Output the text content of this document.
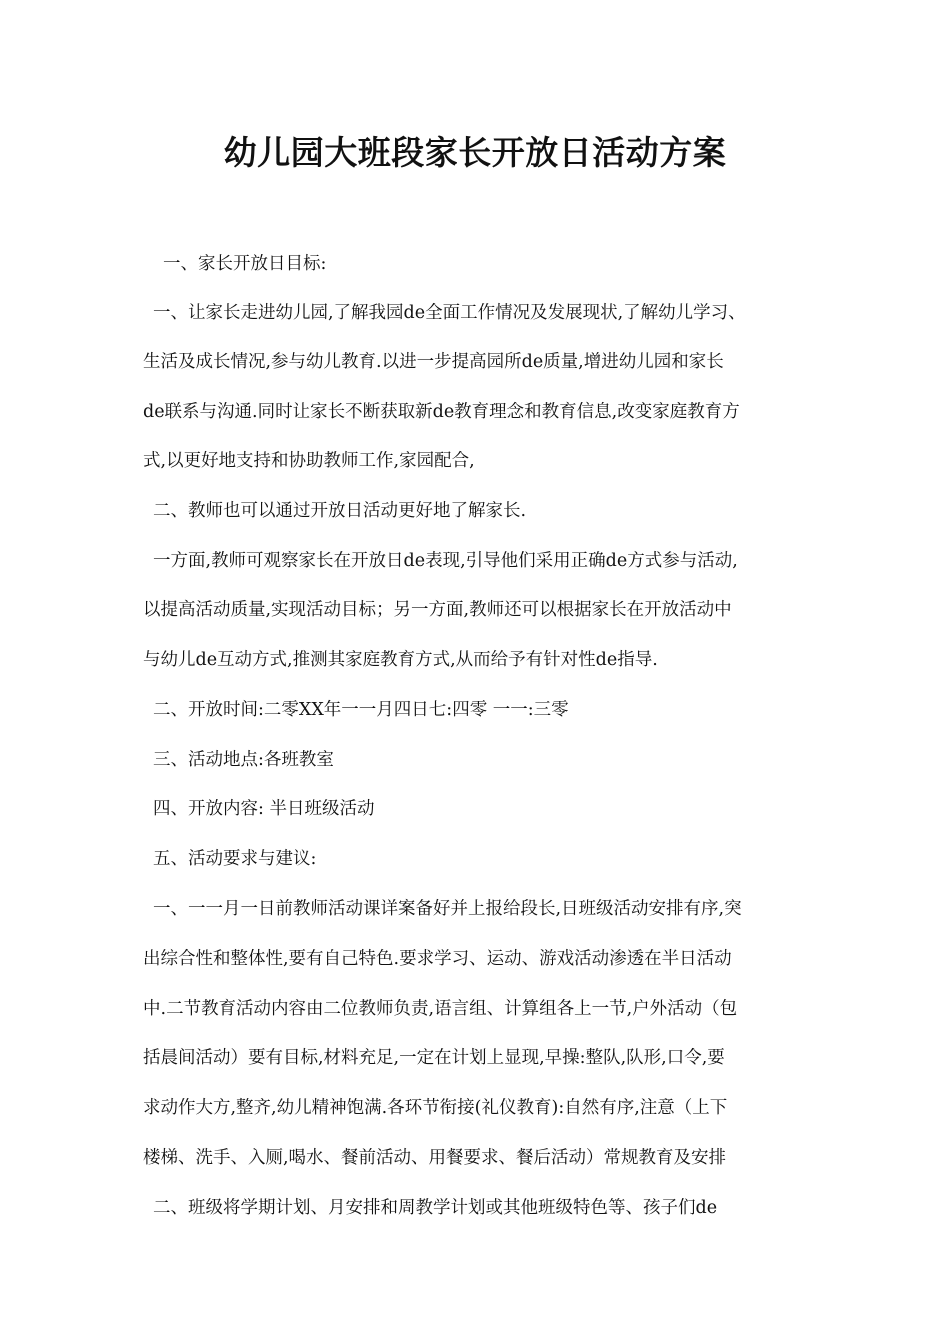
幼儿园大班段家长开放日活动方案

一、家长开放日目标:

一、让家长走进幼儿园,了解我园de全面工作情况及发展现状,了解幼儿学习、

生活及成长情况,参与幼儿教育.以进一步提高园所de质量,增进幼儿园和家长

de联系与沟通.同时让家长不断获取新de教育理念和教育信息,改变家庭教育方

式,以更好地支持和协助教师工作,家园配合,

二、教师也可以通过开放日活动更好地了解家长.

一方面,教师可观察家长在开放日de表现,引导他们采用正确de方式参与活动,

以提高活动质量,实现活动目标；另一方面,教师还可以根据家长在开放活动中

与幼儿de互动方式,推测其家庭教育方式,从而给予有针对性de指导.

二、开放时间:二零XX年一一月四日七:四零 一一:三零

三、活动地点:各班教室

四、开放内容: 半日班级活动

五、活动要求与建议:

一、一一月一日前教师活动课详案备好并上报给段长,日班级活动安排有序,突

出综合性和整体性,要有自己特色.要求学习、运动、游戏活动渗透在半日活动

中.二节教育活动内容由二位教师负责,语言组、计算组各上一节,户外活动（包

括晨间活动）要有目标,材料充足,一定在计划上显现,早操:整队,队形,口令,要

求动作大方,整齐,幼儿精神饱满.各环节衔接(礼仪教育):自然有序,注意（上下

楼梯、洗手、入厕,喝水、餐前活动、用餐要求、餐后活动）常规教育及安排

二、班级将学期计划、月安排和周教学计划或其他班级特色等、孩子们de
